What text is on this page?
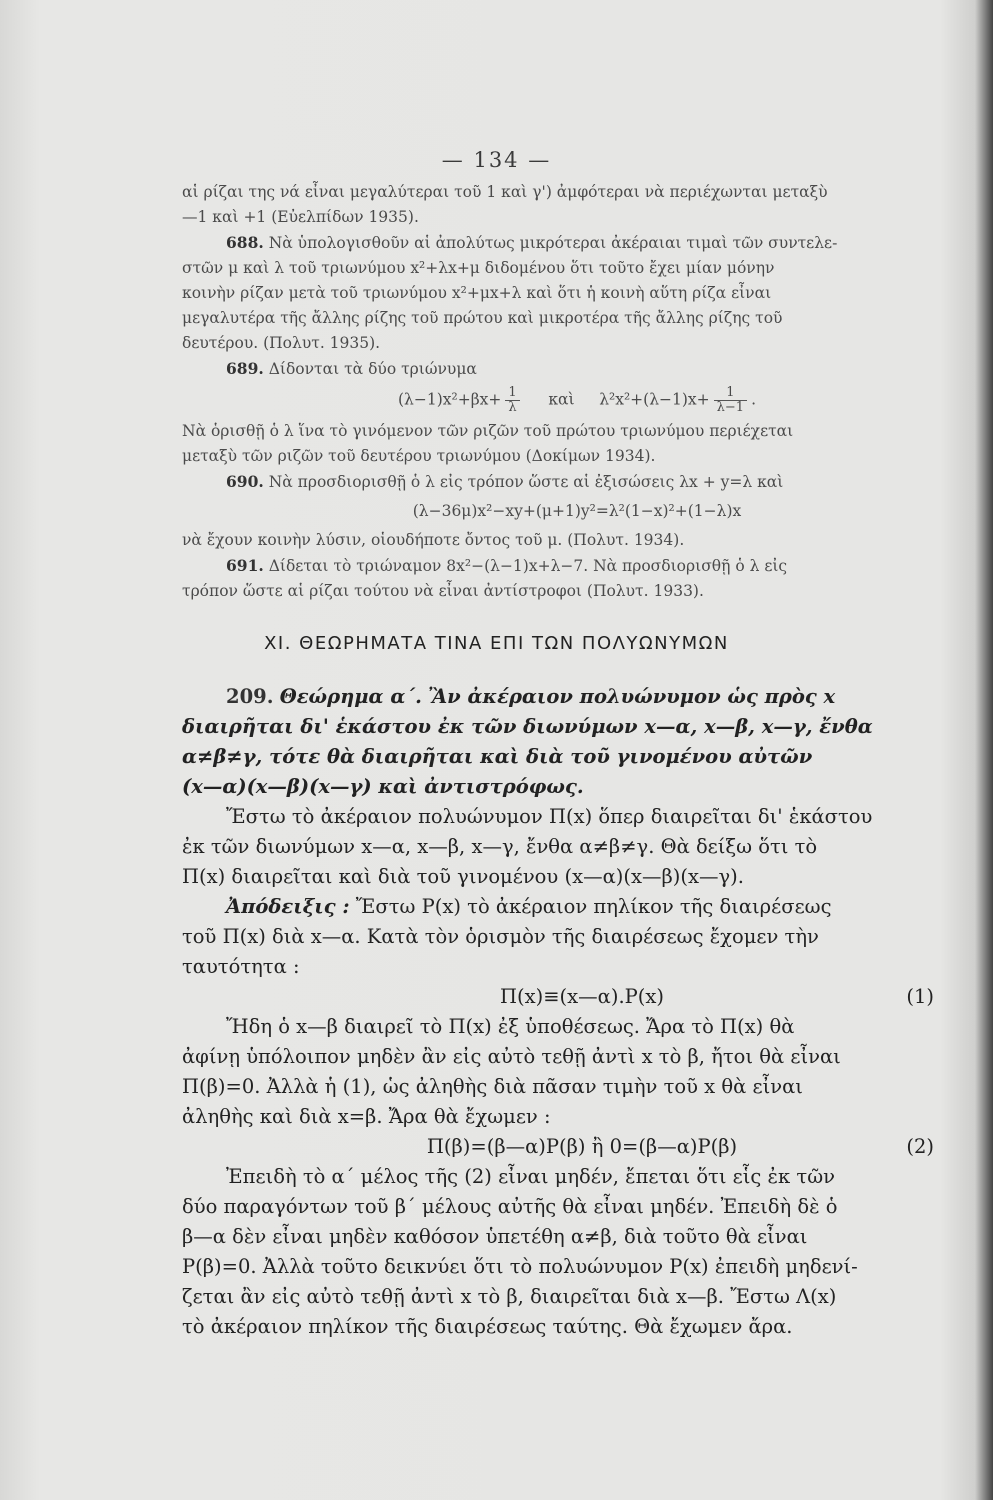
— 134 —

αἱ ρίζαι της νά εἶναι μεγαλύτεραι τοῦ 1 καὶ γ') ἀμφότεραι νὰ περιέχωνται μεταξὺ

—1 καὶ +1 (Εὐελπίδων 1935).

688. Νὰ ὑπολογισθοῦν αἱ ἀπολύτως μικρότεραι ἀκέραιαι τιμαὶ τῶν συντελε-

στῶν μ καὶ λ τοῦ τριωνύμου x²+λx+μ διδομένου ὅτι τοῦτο ἔχει μίαν μόνην

κοινὴν ρίζαν μετὰ τοῦ τριωνύμου x²+μx+λ καὶ ὅτι ἡ κοινὴ αὕτη ρίζα εἶναι

μεγαλυτέρα τῆς ἄλλης ρίζης τοῦ πρώτου καὶ μικροτέρα τῆς ἄλλης ρίζης τοῦ

δευτέρου. (Πολυτ. 1935).

689. Δίδονται τὰ δύο τριώνυμα

$(\lambda-1)x^2+\beta x+ \frac{1}{\lambda}$ καὶ $\lambda^2x^2+(\lambda-1)x+ \frac{1}{\lambda-1}$ .

Νὰ ὁρισθῇ ὁ λ ἵνα τὸ γινόμενον τῶν ριζῶν τοῦ πρώτου τριωνύμου περιέχεται

μεταξὺ τῶν ριζῶν τοῦ δευτέρου τριωνύμου (Δοκίμων 1934).

690. Νὰ προσδιορισθῇ ὁ λ εἰς τρόπον ὥστε αἱ ἐξισώσεις λx + y=λ καὶ

(λ−36μ)x²−xy+(μ+1)y²=λ²(1−x)²+(1−λ)x

νὰ ἔχουν κοινὴν λύσιν, οἱουδήποτε ὄντος τοῦ μ. (Πολυτ. 1934).

691. Δίδεται τὸ τριώναμον 8x²−(λ−1)x+λ−7. Νὰ προσδιορισθῇ ὁ λ εἰς

τρόπον ὥστε αἱ ρίζαι τούτου νὰ εἶναι ἀντίστροφοι (Πολυτ. 1933).

XI. ΘΕΩΡΗΜΑΤΑ ΤΙΝΑ ΕΠΙ ΤΩΝ ΠΟΛΥΩΝΥΜΩΝ

209. Θεώρημα α΄. Ἂν ἀκέραιον πολυώνυμον ὡς πρὸς x

διαιρῆται δι' ἑκάστου ἐκ τῶν διωνύμων x—α, x—β, x—γ, ἔνθα

α≠β≠γ, τότε θὰ διαιρῆται καὶ διὰ τοῦ γινομένου αὐτῶν

(x—α)(x—β)(x—γ) καὶ ἀντιστρόφως.

Ἔστω τὸ ἀκέραιον πολυώνυμον Π(x) ὅπερ διαιρεῖται δι' ἑκάστου

ἐκ τῶν διωνύμων x—α, x—β, x—γ, ἔνθα α≠β≠γ. Θὰ δείξω ὅτι τὸ

Π(x) διαιρεῖται καὶ διὰ τοῦ γινομένου (x—α)(x—β)(x—γ).

Ἀπόδειξις : Ἔστω P(x) τὸ ἀκέραιον πηλίκον τῆς διαιρέσεως

τοῦ Π(x) διὰ x—α. Κατὰ τὸν ὁρισμὸν τῆς διαιρέσεως ἔχομεν τὴν

ταυτότητα :

Π(x)≡(x—α).P(x)	(1)

Ἤδη ὁ x—β διαιρεῖ τὸ Π(x) ἐξ ὑποθέσεως. Ἄρα τὸ Π(x) θὰ

ἀφίνῃ ὑπόλοιπον μηδὲν ἂν εἰς αὐτὸ τεθῇ ἀντὶ x τὸ β, ἤτοι θὰ εἶναι

Π(β)=0. Ἀλλὰ ἡ (1), ὡς ἀληθὴς διὰ πᾶσαν τιμὴν τοῦ x θὰ εἶναι

ἀληθὴς καὶ διὰ x=β. Ἄρα θὰ ἔχωμεν :

Π(β)=(β—α)P(β) ἢ 0=(β—α)P(β)	(2)

Ἐπειδὴ τὸ α΄ μέλος τῆς (2) εἶναι μηδέν, ἔπεται ὅτι εἷς ἐκ τῶν

δύο παραγόντων τοῦ β΄ μέλους αὐτῆς θὰ εἶναι μηδέν. Ἐπειδὴ δὲ ὁ

β—α δὲν εἶναι μηδὲν καθόσον ὑπετέθη α≠β, διὰ τοῦτο θὰ εἶναι

P(β)=0. Ἀλλὰ τοῦτο δεικνύει ὅτι τὸ πολυώνυμον P(x) ἐπειδὴ μηδενί-

ζεται ἂν εἰς αὐτὸ τεθῇ ἀντὶ x τὸ β, διαιρεῖται διὰ x—β. Ἔστω Λ(x)

τὸ ἀκέραιον πηλίκον τῆς διαιρέσεως ταύτης. Θὰ ἔχωμεν ἄρα.
